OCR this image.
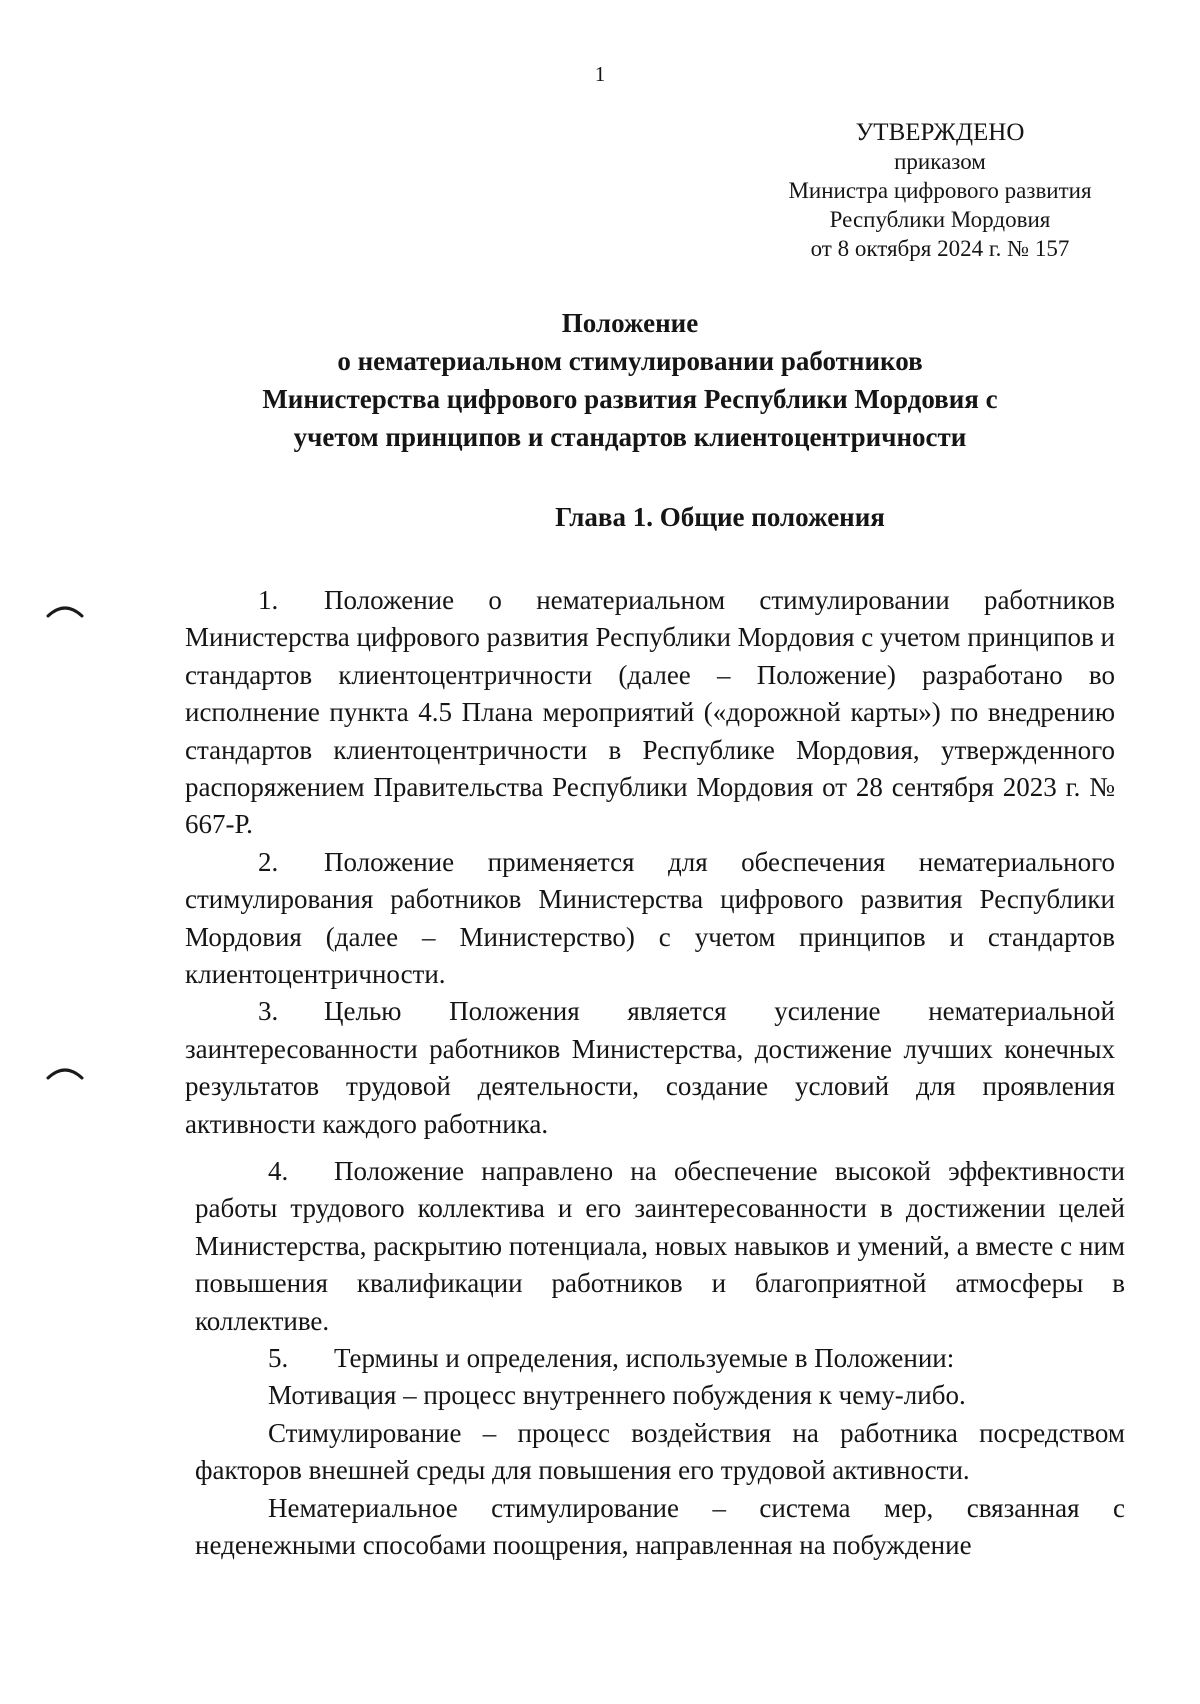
1
УТВЕРЖДЕНО
приказом
Министра цифрового развития
Республики Мордовия
от 8 октября 2024 г. № 157
Положение
о нематериальном стимулировании работников
Министерства цифрового развития Республики Мордовия с
учетом принципов и стандартов клиентоцентричности
Глава 1. Общие положения

1. Положение о нематериальном стимулировании работников Министерства цифрового развития Республики Мордовия с учетом принципов и стандартов клиентоцентричности (далее – Положение) разработано во исполнение пункта 4.5 Плана мероприятий («дорожной карты») по внедрению стандартов клиентоцентричности в Республике Мордовия, утвержденного распоряжением Правительства Республики Мордовия от 28 сентября 2023 г. № 667-Р.

2. Положение применяется для обеспечения нематериального стимулирования работников Министерства цифрового развития Республики Мордовия (далее – Министерство) с учетом принципов и стандартов клиентоцентричности.

3. Целью Положения является усиление нематериальной заинтересованности работников Министерства, достижение лучших конечных результатов трудовой деятельности, создание условий для проявления активности каждого работника.

4. Положение направлено на обеспечение высокой эффективности работы трудового коллектива и его заинтересованности в достижении целей Министерства, раскрытию потенциала, новых навыков и умений, а вместе с ним повышения квалификации работников и благоприятной атмосферы в коллективе.

5. Термины и определения, используемые в Положении:

Мотивация – процесс внутреннего побуждения к чему-либо.

Стимулирование – процесс воздействия на работника посредством факторов внешней среды для повышения его трудовой активности.

Нематериальное стимулирование – система мер, связанная с неденежными способами поощрения, направленная на побуждение
